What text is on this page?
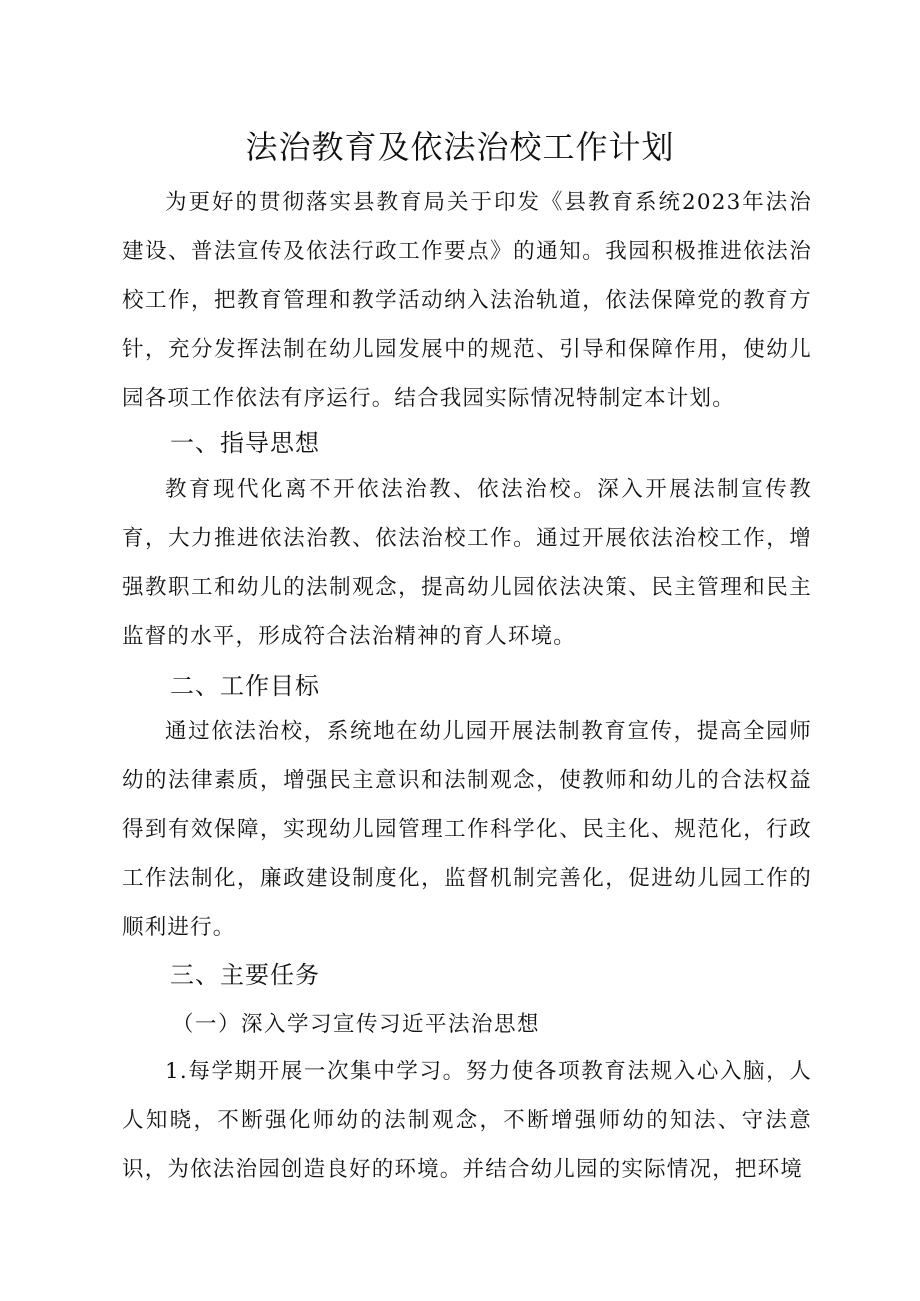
法治教育及依法治校工作计划

为更好的贯彻落实县教育局关于印发《县教育系统2023年法治建设、普法宣传及依法行政工作要点》的通知。我园积极推进依法治校工作，把教育管理和教学活动纳入法治轨道，依法保障党的教育方针，充分发挥法制在幼儿园发展中的规范、引导和保障作用，使幼儿园各项工作依法有序运行。结合我园实际情况特制定本计划。

一、指导思想

教育现代化离不开依法治教、依法治校。深入开展法制宣传教育，大力推进依法治教、依法治校工作。通过开展依法治校工作，增强教职工和幼儿的法制观念，提高幼儿园依法决策、民主管理和民主监督的水平，形成符合法治精神的育人环境。

二、工作目标

通过依法治校，系统地在幼儿园开展法制教育宣传，提高全园师幼的法律素质，增强民主意识和法制观念，使教师和幼儿的合法权益得到有效保障，实现幼儿园管理工作科学化、民主化、规范化，行政工作法制化，廉政建设制度化，监督机制完善化，促进幼儿园工作的顺利进行。

三、主要任务

（一）深入学习宣传习近平法治思想

1.每学期开展一次集中学习。努力使各项教育法规入心入脑，人人知晓，不断强化师幼的法制观念，不断增强师幼的知法、守法意识，为依法治园创造良好的环境。并结合幼儿园的实际情况，把环境
